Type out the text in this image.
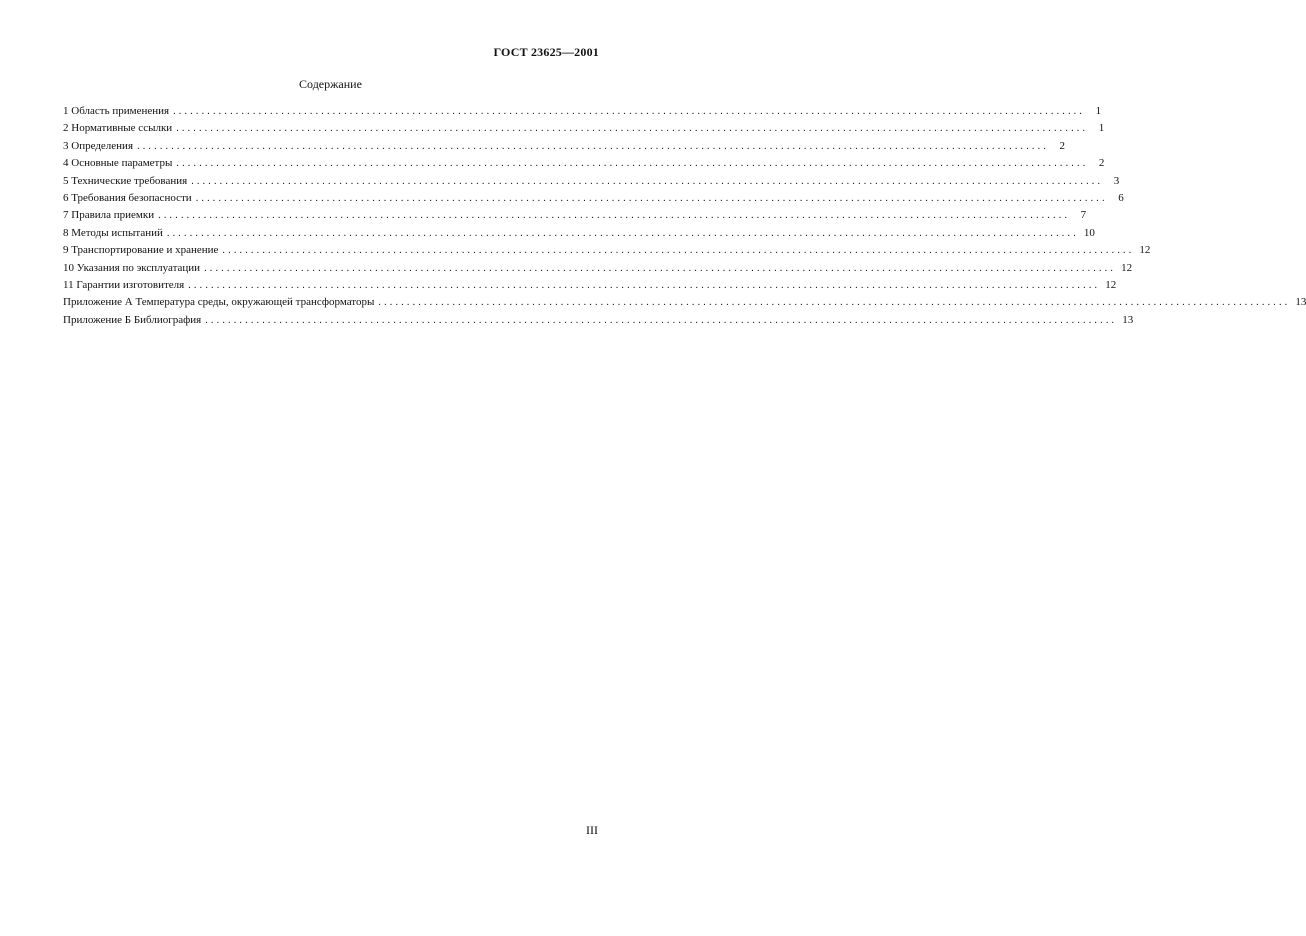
ГОСТ 23625—2001
Содержание
1 Область применения ................................................................................................................................................................ 1
2 Нормативные ссылки ................................................................................................................................................................ 1
3 Определения ................................................................................................................................................................ 2
4 Основные параметры ................................................................................................................................................................ 2
5 Технические требования ................................................................................................................................................................ 3
6 Требования безопасности ................................................................................................................................................................ 6
7 Правила приемки ................................................................................................................................................................ 7
8 Методы испытаний ................................................................................................................................................................ 10
9 Транспортирование и хранение ................................................................................................................................................................ 12
10 Указания по эксплуатации ................................................................................................................................................................ 12
11 Гарантии изготовителя ................................................................................................................................................................ 12
Приложение А Температура среды, окружающей трансформаторы ................................................................................................................................................................ 13
Приложение Б Библиография ................................................................................................................................................................ 13
III
